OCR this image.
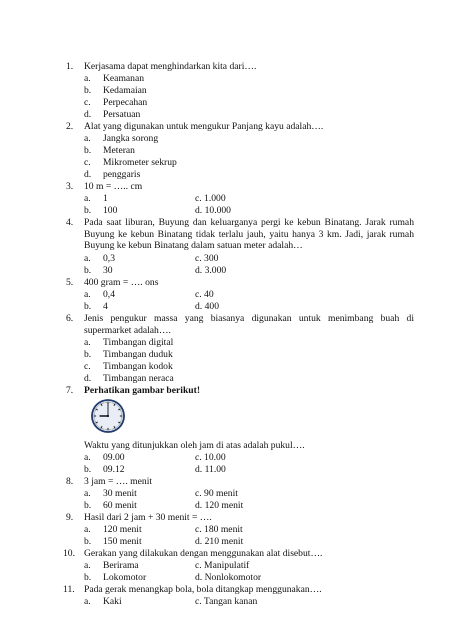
1. Kerjasama dapat menghindarkan kita dari….
a. Keamanan
b. Kedamaian
c. Perpecahan
d. Persatuan
2. Alat yang digunakan untuk mengukur Panjang kayu adalah….
a. Jangka sorong
b. Meteran
c. Mikrometer sekrup
d. penggaris
3. 10 m = ….. cm
a. 1	c. 1.000
b. 100	d. 10.000
4. Pada saat liburan, Buyung dan keluarganya pergi ke kebun Binatang. Jarak rumah Buyung ke kebun Binatang tidak terlalu jauh, yaitu hanya 3 km. Jadi, jarak rumah Buyung ke kebun Binatang dalam satuan meter adalah…
a. 0,3	c. 300
b. 30	d. 3.000
5. 400 gram = …. ons
a. 0,4	c. 40
b. 4	d. 400
6. Jenis pengukur massa yang biasanya digunakan untuk menimbang buah di supermarket adalah….
a. Timbangan digital
b. Timbangan duduk
c. Timbangan kodok
d. Timbangan neraca
7. Perhatikan gambar berikut!
Waktu yang ditunjukkan oleh jam di atas adalah pukul….
a. 09.00	c. 10.00
b. 09.12	d. 11.00
8. 3 jam = …. menit
a. 30 menit	c. 90 menit
b. 60 menit	d. 120 menit
9. Hasil dari 2 jam + 30 menit = ….
a. 120 menit	c. 180 menit
b. 150 menit	d. 210 menit
10. Gerakan yang dilakukan dengan menggunakan alat disebut….
a. Berirama	c. Manipulatif
b. Lokomotor	d. Nonlokomotor
11. Pada gerak menangkap bola, bola ditangkap menggunakan….
a. Kaki	c. Tangan kanan
